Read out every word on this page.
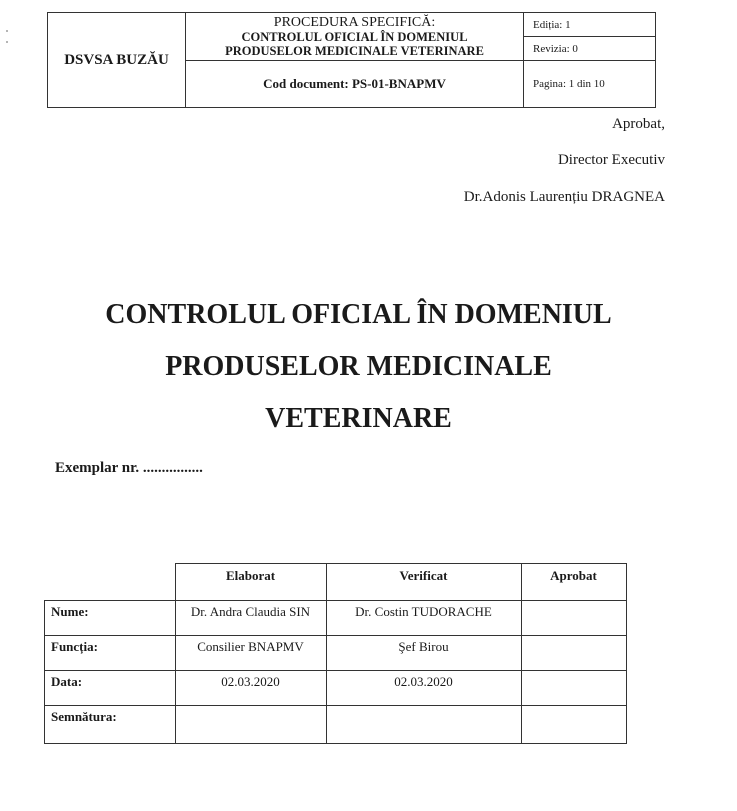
DSVSA BUZĂU	PROCEDURA SPECIFICĂ:
CONTROLUL OFICIAL ÎN DOMENIUL
PRODUSELOR MEDICINALE VETERINARE	Ediția: 1
		Revizia: 0
	Cod document: PS-01-BNAPMV	Pagina: 1 din 10
Aprobat,
Director Executiv
Dr.Adonis Laurențiu DRAGNEA
CONTROLUL OFICIAL ÎN DOMENIUL
PRODUSELOR MEDICINALE
VETERINARE
Exemplar nr. ................
	Elaborat	Verificat	Aprobat
Nume:	Dr. Andra Claudia SIN	Dr. Costin TUDORACHE	
Funcția:	Consilier BNAPMV	Şef Birou	
Data:	02.03.2020	02.03.2020	
Semnătura:			
